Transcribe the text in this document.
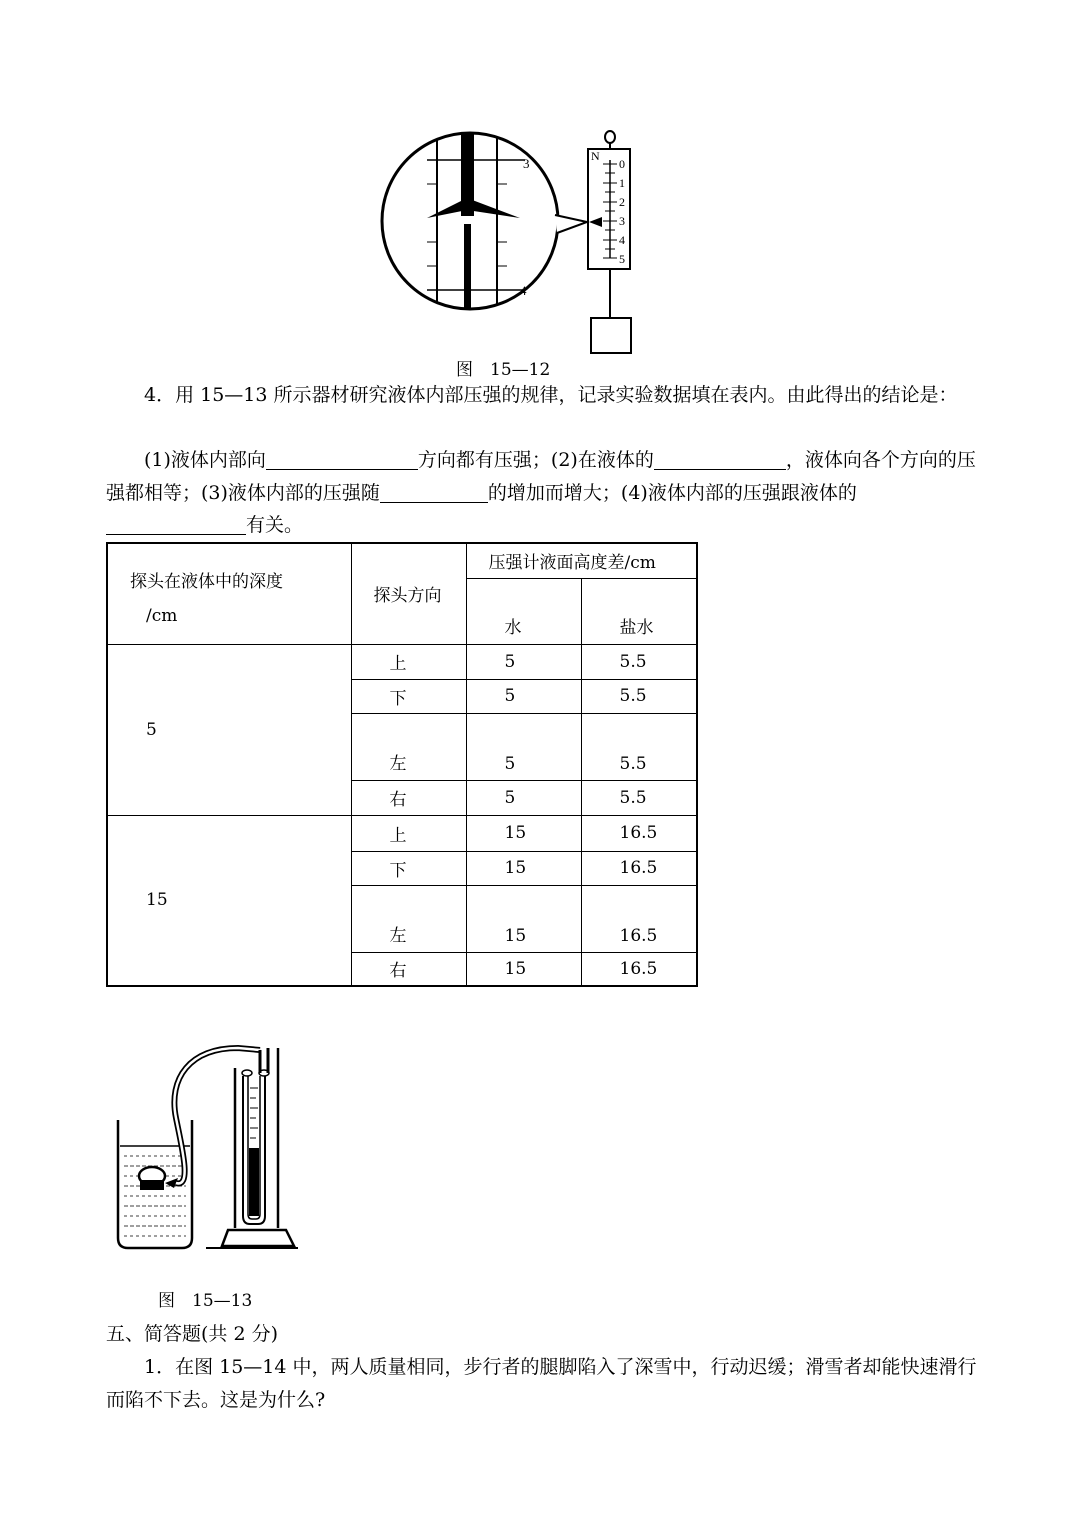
3
4
N
0
1
2
3
4
5
图　15—12
4．用 15—13 所示器材研究液体内部压强的规律，记录实验数据填在表内。由此得出的结论是：
(1)液体内部向	方向都有压强；(2)在液体的	，液体向各个方向的压强都相等；(3)液体内部的压强随	的增加而增大；(4)液体内部的压强跟液体的有关。
探头在液体中的深度
/cm	探头方向	压强计液面高度差/cm	
		水	盐水
5	上	5	5.5
	下	5	5.5
	左	5	5.5
	右	5	5.5
15	上	15	16.5
	下	15	16.5
	左	15	16.5
	右	15	16.5
图　15—13
五、简答题(共 2 分)
1．在图 15—14 中，两人质量相同，步行者的腿脚陷入了深雪中，行动迟缓；滑雪者却能快速滑行而陷不下去。这是为什么?
